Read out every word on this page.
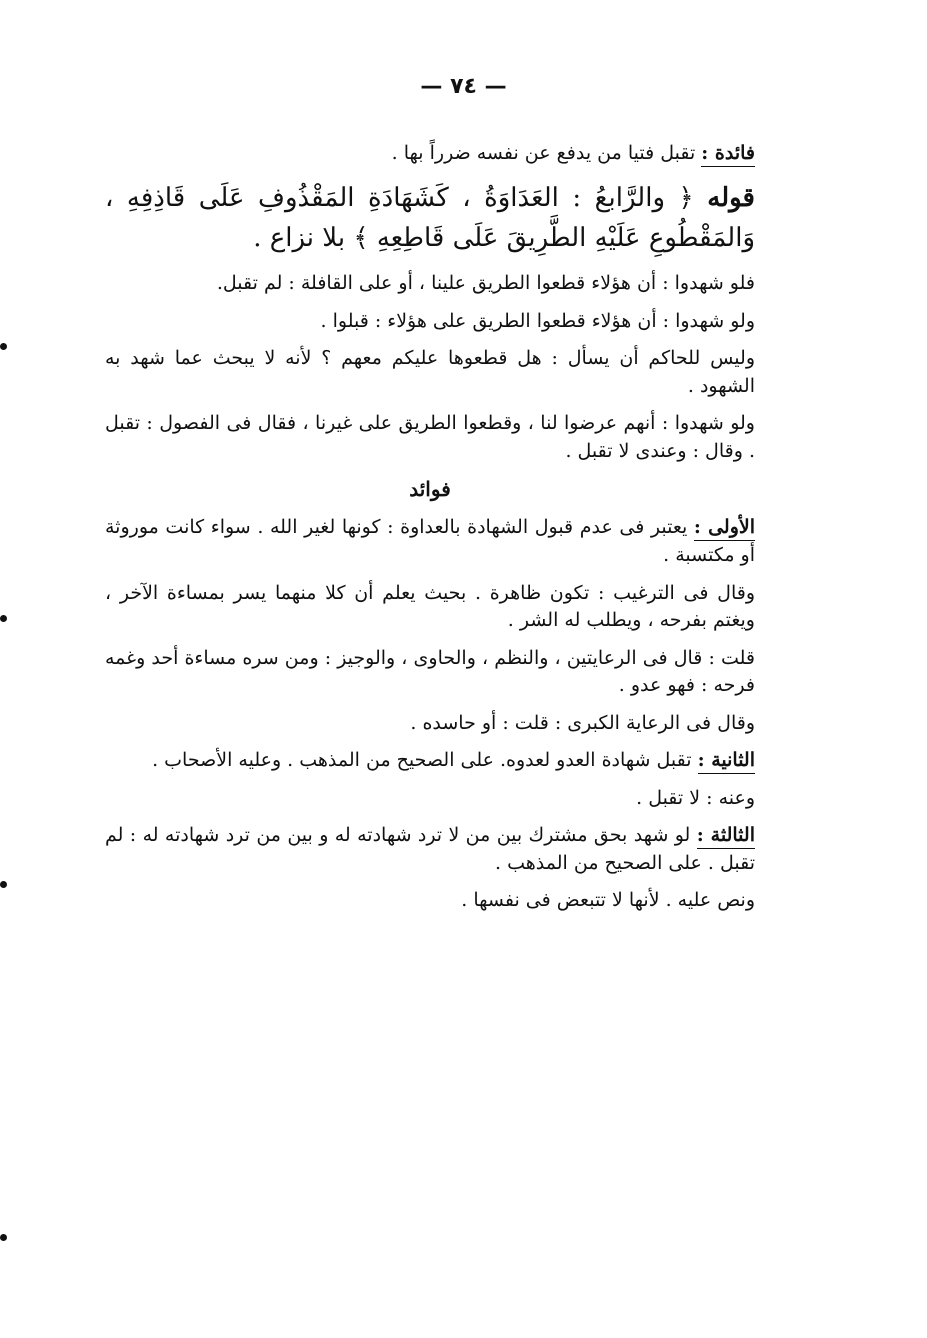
— ٧٤ —

فائدة : تقبل فتيا من يدفع عن نفسه ضرراً بها .

قوله ﴿ والرَّابعُ : العَدَاوَةُ ، كَشَهَادَةِ المَقْذُوفِ عَلَى قَاذِفِهِ ، وَالمَقْطُوعِ عَلَيْهِ الطَّرِيقَ عَلَى قَاطِعِهِ ﴾ بلا نزاع .

فلو شهدوا : أن هؤلاء قطعوا الطريق علينا ، أو على القافلة : لم تقبل.

ولو شهدوا : أن هؤلاء قطعوا الطريق على هؤلاء : قبلوا .

وليس للحاكم أن يسأل : هل قطعوها عليكم معهم ؟ لأنه لا يبحث عما شهد به الشهود .

ولو شهدوا : أنهم عرضوا لنا ، وقطعوا الطريق على غيرنا ، فقال فى الفصول : تقبل . وقال : وعندى لا تقبل .

فوائد

الأولى : يعتبر فى عدم قبول الشهادة بالعداوة : كونها لغير الله . سواء كانت موروثة أو مكتسبة .

وقال فى الترغيب : تكون ظاهرة . بحيث يعلم أن كلا منهما يسر بمساءة الآخر ، ويغتم بفرحه ، ويطلب له الشر .

قلت : قال فى الرعايتين ، والنظم ، والحاوى ، والوجيز : ومن سره مساءة أحد وغمه فرحه : فهو عدو .

وقال فى الرعاية الكبرى : قلت : أو حاسده .

الثانية : تقبل شهادة العدو لعدوه. على الصحيح من المذهب . وعليه الأصحاب .

وعنه : لا تقبل .

الثالثة : لو شهد بحق مشترك بين من لا ترد شهادته له و بين من ترد شهادته له : لم تقبل . على الصحيح من المذهب .

ونص عليه . لأنها لا تتبعض فى نفسها .
